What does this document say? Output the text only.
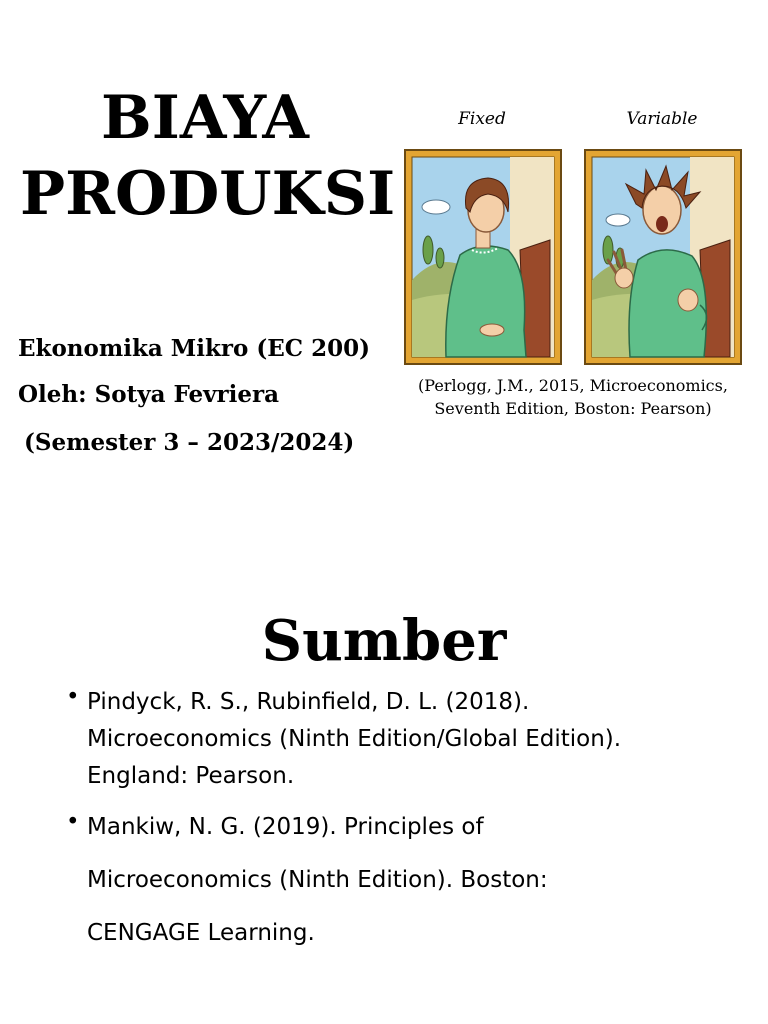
BIAYA
PRODUKSI
Ekonomika Mikro (EC 200)
Oleh: Sotya Fevriera
(Semester 3 – 2023/2024)
Fixed	Variable
(Perlogg, J.M., 2015, Microeconomics,
Seventh Edition, Boston: Pearson)
Sumber
• Pindyck, R. S., Rubinfield, D. L. (2018).
Microeconomics (Ninth Edition/Global Edition).
England: Pearson.
• Mankiw, N. G. (2019). Principles of
Microeconomics (Ninth Edition). Boston:
CENGAGE Learning.
